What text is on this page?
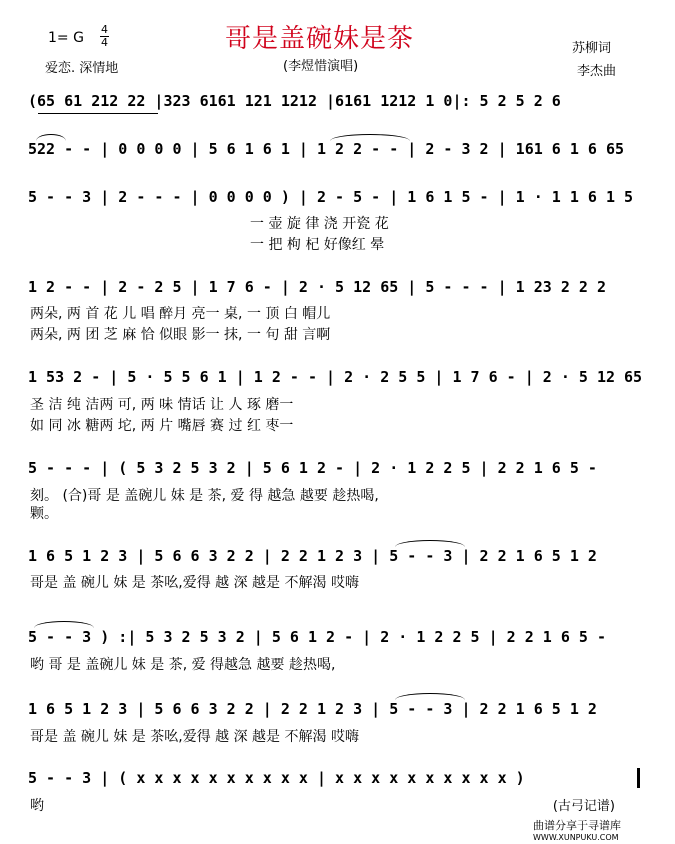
哥是盖碗妹是茶
1= G
4
4
爱恋. 深情地	(李煜惜演唱)
苏柳词
李杰曲
(65 61 212 22 |323 6161 121 1212 |6161 1212 1 0|: 5 2 5 2 6
522 - - | 0 0 0 0 | 5 6 1 6 1 | 1 2 2 - - | 2 - 3 2 | 161 6 1 6 65
5 - - 3 | 2 - - - | 0 0 0 0 ) | 2 - 5 - | 1 6 1 5 - | 1 · 1 1 6 1 5
一 壶 旋 律 浇 开瓷 花
一 把 枸 杞 好像红 晕
1 2 - - | 2 - 2 5 | 1 7 6 - | 2 · 5 12 65 | 5 - - - | 1 23 2 2 2
两朵, 两 首 花 儿 唱 醉月 亮一 桌, 一 顶 白 帽儿
两朵, 两 团 芝 麻 恰 似眼 影一 抹, 一 句 甜 言啊
1 53 2 - | 5 · 5 5 6 1 | 1 2 - - | 2 · 2 5 5 | 1 7 6 - | 2 · 5 12 65
圣 洁 纯 洁两 可, 两 味 情话 让 人 琢 磨一
如 同 冰 糖两 坨, 两 片 嘴唇 赛 过 红 枣一
5 - - - | ( 5 3 2 5 3 2 | 5 6 1 2 - | 2 · 1 2 2 5 | 2 2 1 6 5 -
刻。 (合)哥 是 盖碗儿 妹 是 茶, 爱 得 越急 越要 趁热喝,
颗。
1 6 5 1 2 3 | 5 6 6 3 2 2 | 2 2 1 2 3 | 5 - - 3 | 2 2 1 6 5 1 2
哥是 盖 碗儿 妹 是 茶吆,爱得 越 深 越是 不解渴 哎嗨
5 - - 3 ) :| 5 3 2 5 3 2 | 5 6 1 2 - | 2 · 1 2 2 5 | 2 2 1 6 5 -
哟 哥 是 盖碗儿 妹 是 茶, 爱 得越急 越要 趁热喝,
1 6 5 1 2 3 | 5 6 6 3 2 2 | 2 2 1 2 3 | 5 - - 3 | 2 2 1 6 5 1 2
哥是 盖 碗儿 妹 是 茶吆,爱得 越 深 越是 不解渴 哎嗨
5 - - 3 | ( x x x x x x x x x x | x x x x x x x x x x )
哟	(古弓记谱)
曲谱分享于寻谱库
WWW.XUNPUKU.COM
